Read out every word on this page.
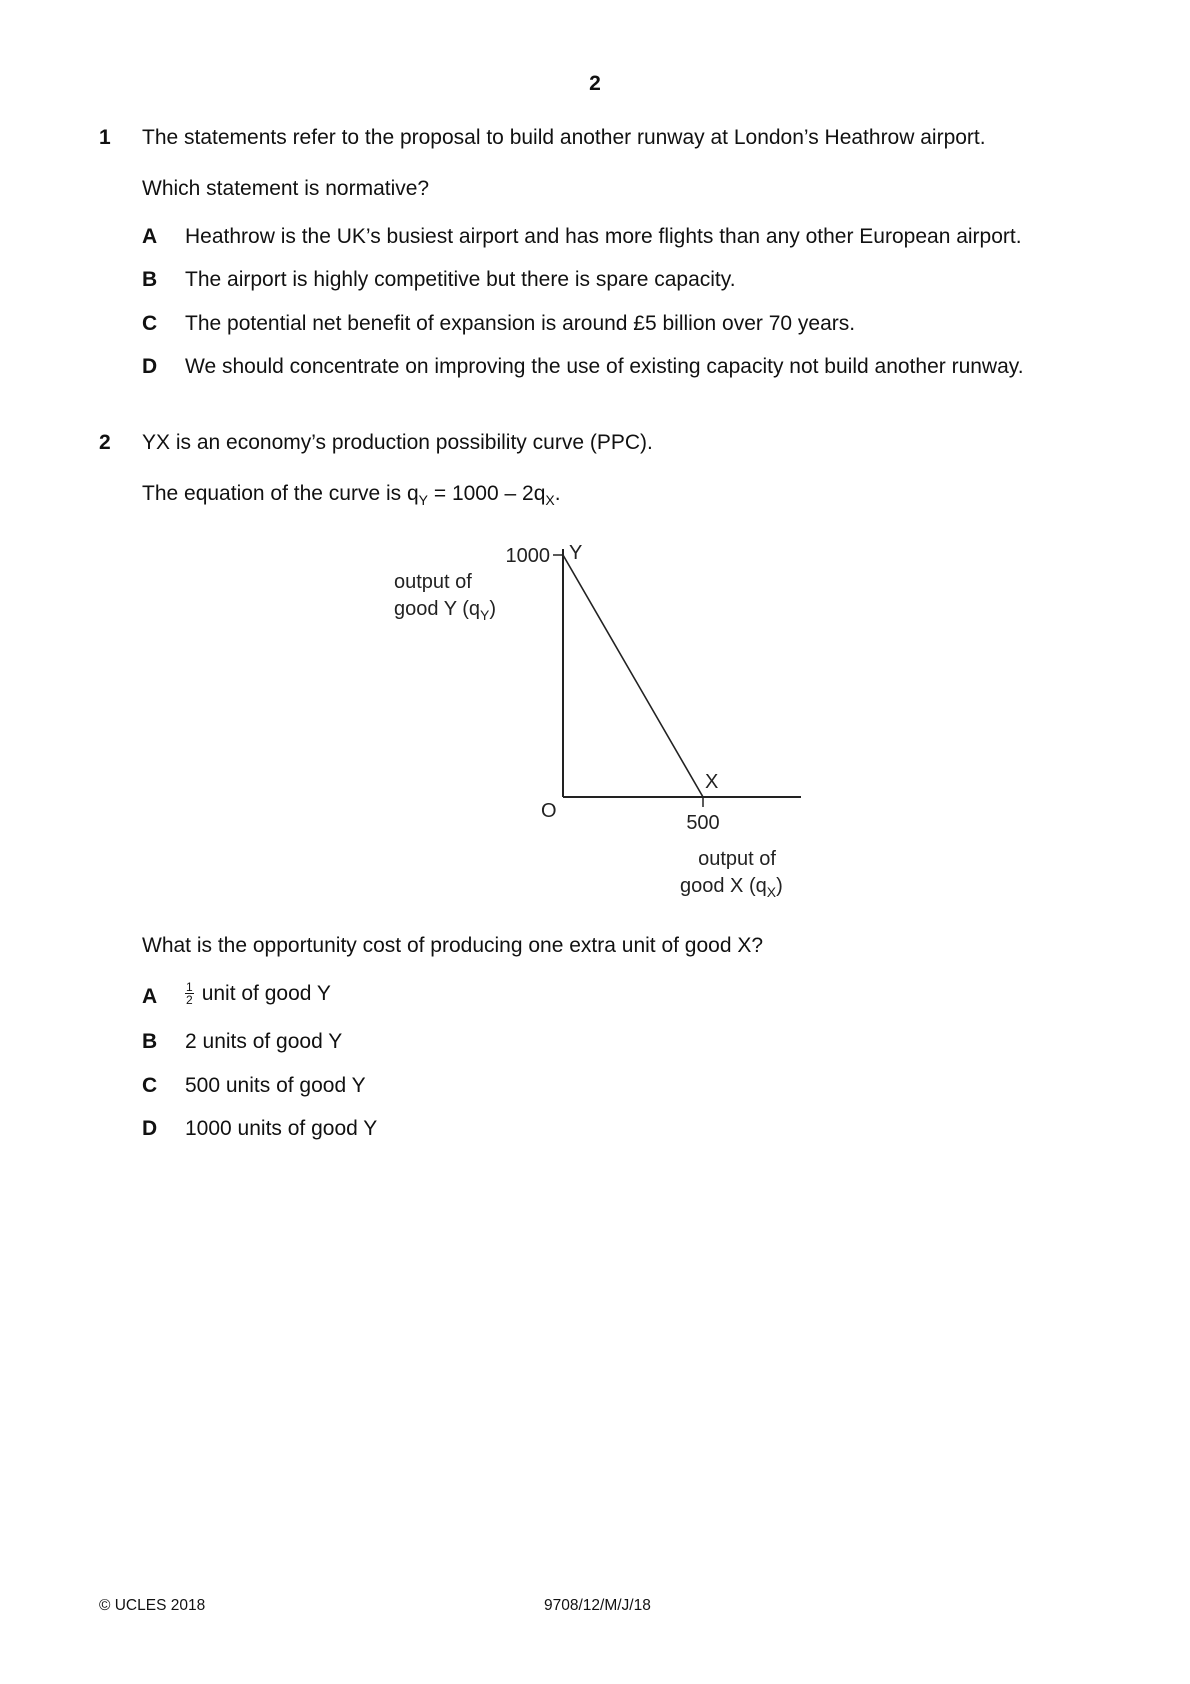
2
1 The statements refer to the proposal to build another runway at London’s Heathrow airport.
Which statement is normative?
A Heathrow is the UK’s busiest airport and has more flights than any other European airport.
B The airport is highly competitive but there is spare capacity.
C The potential net benefit of expansion is around £5 billion over 70 years.
D We should concentrate on improving the use of existing capacity not build another runway.
2 YX is an economy’s production possibility curve (PPC).
The equation of the curve is $q_Y = 1000 - 2q_X$.
1000 Y
X
O
500
output of
good Y $(q_Y)$
output of
good X $(q_X)$
What is the opportunity cost of producing one extra unit of good X?
A $\frac{1}{2}$ unit of good Y
B 2 units of good Y
C 500 units of good Y
D 1000 units of good Y
© UCLES 2018	9708/12/M/J/18
